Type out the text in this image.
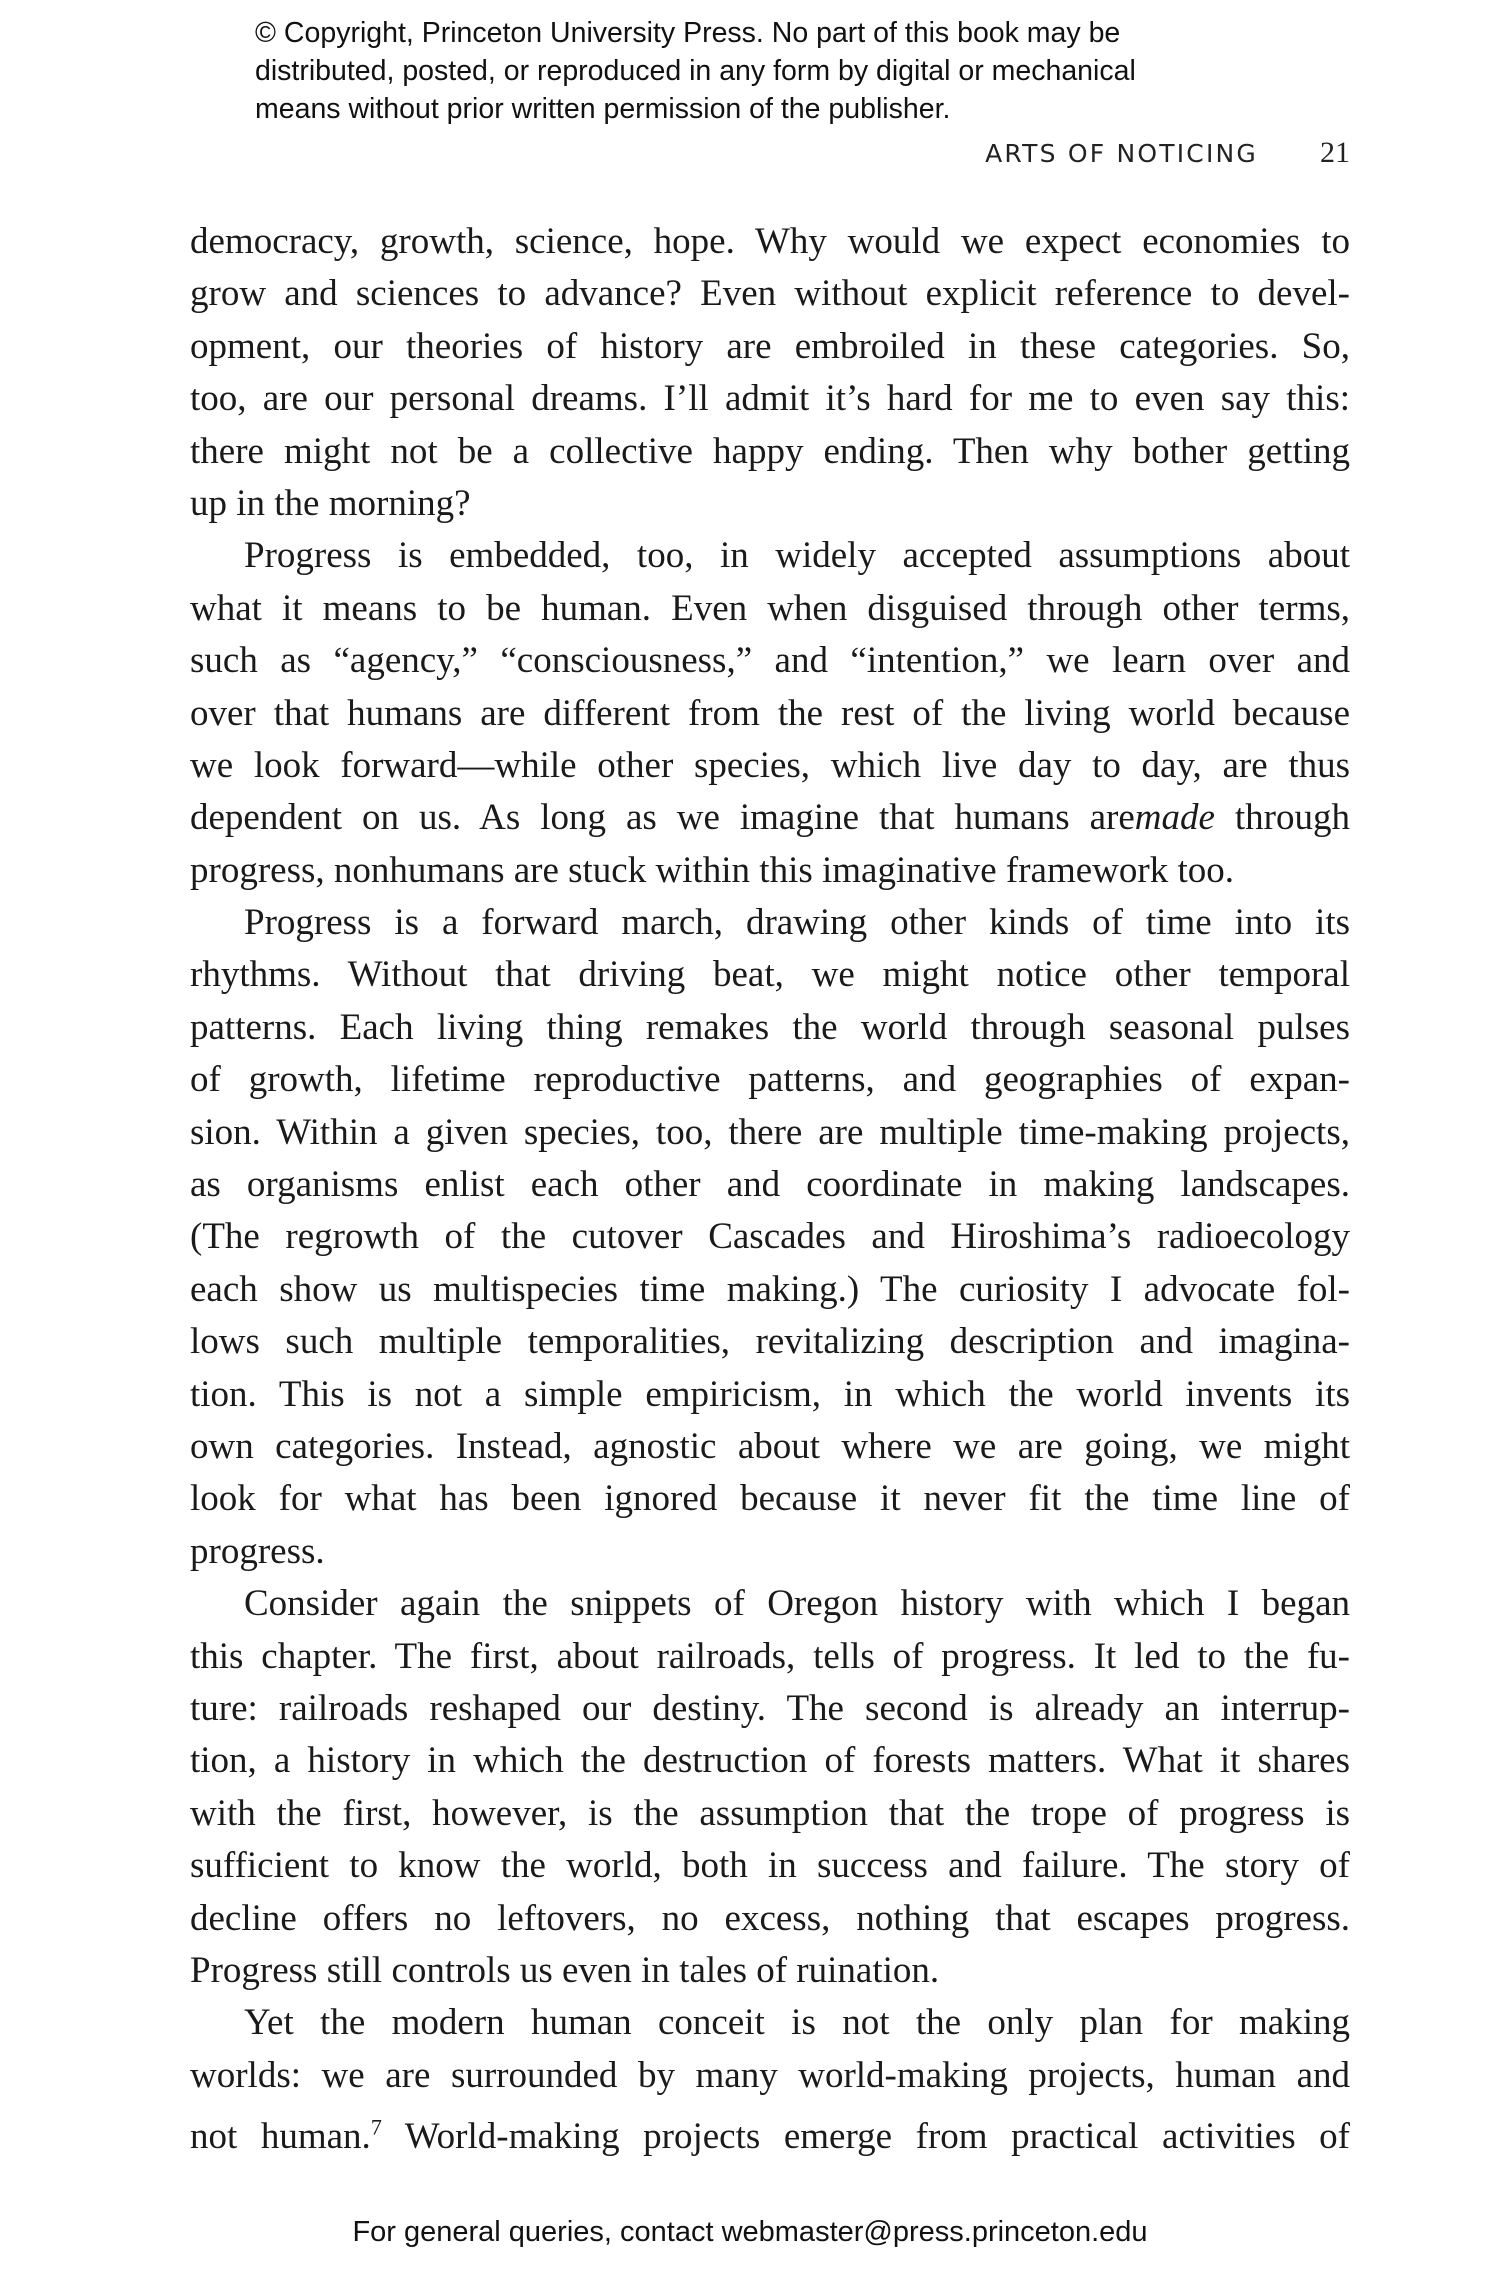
© Copyright, Princeton University Press. No part of this book may be
distributed, posted, or reproduced in any form by digital or mechanical
means without prior written permission of the publisher.
ARTS OF NOTICING 21
democracy, growth, science, hope. Why would we expect economies to
grow and sciences to advance? Even without explicit reference to devel-
opment, our theories of history are embroiled in these categories. So,
too, are our personal dreams. I’ll admit it’s hard for me to even say this:
there might not be a collective happy ending. Then why bother getting
up in the morning?
Progress is embedded, too, in widely accepted assumptions about
what it means to be human. Even when disguised through other terms,
such as “agency,” “consciousness,” and “intention,” we learn over and
over that humans are different from the rest of the living world because
we look forward—while other species, which live day to day, are thus
dependent on us. As long as we imagine that humans aremade through
progress, nonhumans are stuck within this imaginative framework too.
Progress is a forward march, drawing other kinds of time into its
rhythms. Without that driving beat, we might notice other temporal
patterns. Each living thing remakes the world through seasonal pulses
of growth, lifetime reproductive patterns, and geographies of expan-
sion. Within a given species, too, there are multiple time-making projects,
as organisms enlist each other and coordinate in making landscapes.
(The regrowth of the cutover Cascades and Hiroshima’s radioecology
each show us multispecies time making.) The curiosity I advocate fol-
lows such multiple temporalities, revitalizing description and imagina-
tion. This is not a simple empiricism, in which the world invents its
own categories. Instead, agnostic about where we are going, we might
look for what has been ignored because it never fit the time line of
progress.
Consider again the snippets of Oregon history with which I began
this chapter. The first, about railroads, tells of progress. It led to the fu-
ture: railroads reshaped our destiny. The second is already an interrup-
tion, a history in which the destruction of forests matters. What it shares
with the first, however, is the assumption that the trope of progress is
sufficient to know the world, both in success and failure. The story of
decline offers no leftovers, no excess, nothing that escapes progress.
Progress still controls us even in tales of ruination.
Yet the modern human conceit is not the only plan for making
worlds: we are surrounded by many world-making projects, human and
not human.$^7$ World-making projects emerge from practical activities of
For general queries, contact webmaster@press.princeton.edu
